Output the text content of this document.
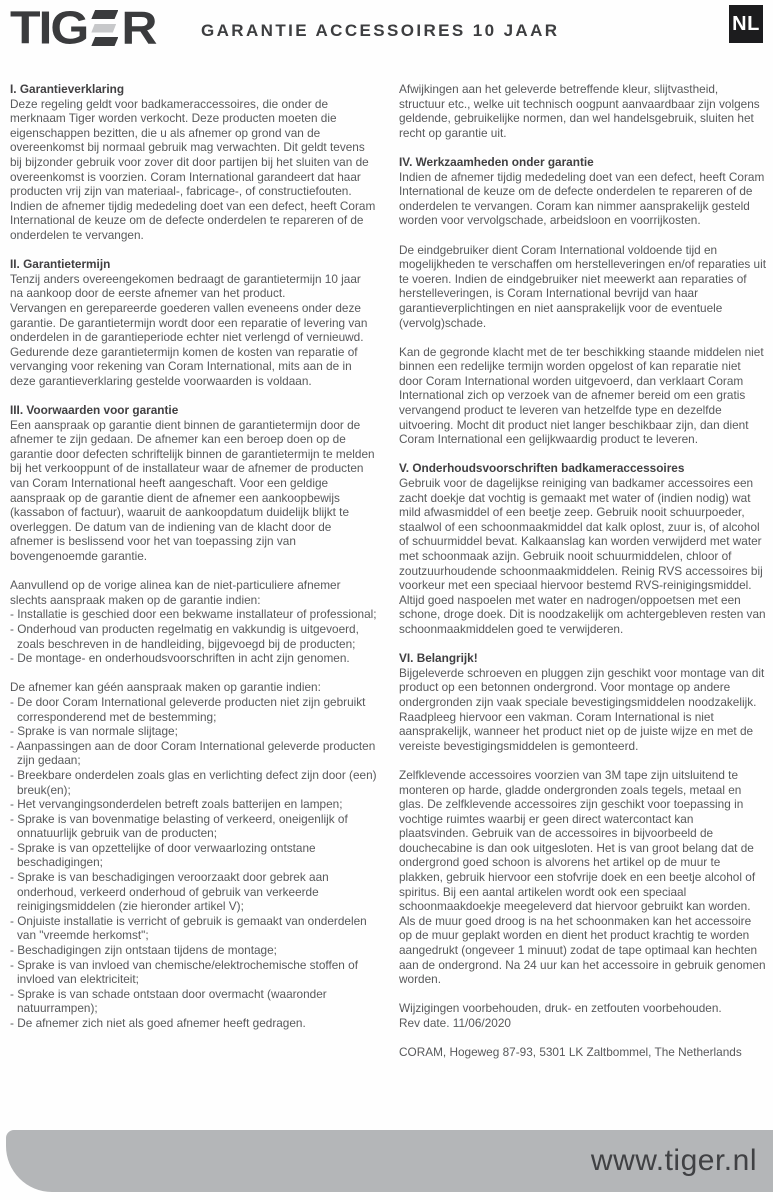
TIG R	GARANTIE ACCESSOIRES 10 JAAR	NL
I. Garantieverklaring

Deze regeling geldt voor badkameraccessoires, die onder de merknaam Tiger worden verkocht. Deze producten moeten die eigenschappen bezitten, die u als afnemer op grond van de overeenkomst bij normaal gebruik mag verwachten. Dit geldt tevens bij bijzonder gebruik voor zover dit door partijen bij het sluiten van de overeenkomst is voorzien. Coram International garandeert dat haar producten vrij zijn van materiaal-, fabricage-, of constructiefouten. Indien de afnemer tijdig mededeling doet van een defect, heeft Coram International de keuze om de defecte onderdelen te repareren of de onderdelen te vervangen.

II. Garantietermijn

Tenzij anders overeengekomen bedraagt de garantietermijn 10 jaar na aankoop door de eerste afnemer van het product.

Vervangen en gerepareerde goederen vallen eveneens onder deze garantie. De garantietermijn wordt door een reparatie of levering van onderdelen in de garantieperiode echter niet verlengd of vernieuwd.

Gedurende deze garantietermijn komen de kosten van reparatie of vervanging voor rekening van Coram International, mits aan de in deze garantieverklaring gestelde voorwaarden is voldaan.

III. Voorwaarden voor garantie

Een aanspraak op garantie dient binnen de garantietermijn door de afnemer te zijn gedaan. De afnemer kan een beroep doen op de garantie door defecten schriftelijk binnen de garantietermijn te melden bij het verkooppunt of de installateur waar de afnemer de producten van Coram International heeft aangeschaft. Voor een geldige aanspraak op de garantie dient de afnemer een aankoopbewijs (kassabon of factuur), waaruit de aankoopdatum duidelijk blijkt te overleggen. De datum van de indiening van de klacht door de afnemer is beslissend voor het van toepassing zijn van bovengenoemde garantie.

Aanvullend op de vorige alinea kan de niet-particuliere afnemer slechts aanspraak maken op de garantie indien:

- Installatie is geschied door een bekwame installateur of professional;
- Onderhoud van producten regelmatig en vakkundig is uitgevoerd, zoals beschreven in de handleiding, bijgevoegd bij de producten;
- De montage- en onderhoudsvoorschriften in acht zijn genomen.

De afnemer kan géén aanspraak maken op garantie indien:

- De door Coram International geleverde producten niet zijn gebruikt corresponderend met de bestemming;
- Sprake is van normale slijtage;
- Aanpassingen aan de door Coram International geleverde producten zijn gedaan;
- Breekbare onderdelen zoals glas en verlichting defect zijn door (een) breuk(en);
- Het vervangingsonderdelen betreft zoals batterijen en lampen;
- Sprake is van bovenmatige belasting of verkeerd, oneigenlijk of onnatuurlijk gebruik van de producten;
- Sprake is van opzettelijke of door verwaarlozing ontstane beschadigingen;
- Sprake is van beschadigingen veroorzaakt door gebrek aan onderhoud, verkeerd onderhoud of gebruik van verkeerde reinigingsmiddelen (zie hieronder artikel V);
- Onjuiste installatie is verricht of gebruik is gemaakt van onderdelen van "vreemde herkomst";
- Beschadigingen zijn ontstaan tijdens de montage;
- Sprake is van invloed van chemische/elektrochemische stoffen of invloed van elektriciteit;
- Sprake is van schade ontstaan door overmacht (waaronder natuurrampen);
- De afnemer zich niet als goed afnemer heeft gedragen.

Afwijkingen aan het geleverde betreffende kleur, slijtvastheid, structuur etc., welke uit technisch oogpunt aanvaardbaar zijn volgens geldende, gebruikelijke normen, dan wel handelsgebruik, sluiten het recht op garantie uit.

IV. Werkzaamheden onder garantie

Indien de afnemer tijdig mededeling doet van een defect, heeft Coram International de keuze om de defecte onderdelen te repareren of de onderdelen te vervangen. Coram kan nimmer aansprakelijk gesteld worden voor vervolgschade, arbeidsloon en voorrijkosten.

De eindgebruiker dient Coram International voldoende tijd en mogelijkheden te verschaffen om herstelleveringen en/of reparaties uit te voeren. Indien de eindgebruiker niet meewerkt aan reparaties of herstelleveringen, is Coram International bevrijd van haar garantieverplichtingen en niet aansprakelijk voor de eventuele (vervolg)schade.

Kan de gegronde klacht met de ter beschikking staande middelen niet binnen een redelijke termijn worden opgelost of kan reparatie niet door Coram International worden uitgevoerd, dan verklaart Coram International zich op verzoek van de afnemer bereid om een gratis vervangend product te leveren van hetzelfde type en dezelfde uitvoering. Mocht dit product niet langer beschikbaar zijn, dan dient Coram International een gelijkwaardig product te leveren.

V. Onderhoudsvoorschriften badkameraccessoires

Gebruik voor de dagelijkse reiniging van badkamer accessoires een zacht doekje dat vochtig is gemaakt met water of (indien nodig) wat mild afwasmiddel of een beetje zeep. Gebruik nooit schuurpoeder, staalwol of een schoonmaakmiddel dat kalk oplost, zuur is, of alcohol of schuurmiddel bevat. Kalkaanslag kan worden verwijderd met water met schoonmaak azijn. Gebruik nooit schuurmiddelen, chloor of zoutzuurhoudende schoonmaakmiddelen. Reinig RVS accessoires bij voorkeur met een speciaal hiervoor bestemd RVS-reinigingsmiddel. Altijd goed naspoelen met water en nadrogen/oppoetsen met een schone, droge doek. Dit is noodzakelijk om achtergebleven resten van schoonmaakmiddelen goed te verwijderen.

VI. Belangrijk!

Bijgeleverde schroeven en pluggen zijn geschikt voor montage van dit product op een betonnen ondergrond. Voor montage op andere ondergronden zijn vaak speciale bevestigingsmiddelen noodzakelijk. Raadpleeg hiervoor een vakman. Coram International is niet aansprakelijk, wanneer het product niet op de juiste wijze en met de vereiste bevestigingsmiddelen is gemonteerd.

Zelfklevende accessoires voorzien van 3M tape zijn uitsluitend te monteren op harde, gladde ondergronden zoals tegels, metaal en glas. De zelfklevende accessoires zijn geschikt voor toepassing in vochtige ruimtes waarbij er geen direct watercontact kan plaatsvinden. Gebruik van de accessoires in bijvoorbeeld de douchecabine is dan ook uitgesloten. Het is van groot belang dat de ondergrond goed schoon is alvorens het artikel op de muur te plakken, gebruik hiervoor een stofvrije doek en een beetje alcohol of spiritus. Bij een aantal artikelen wordt ook een speciaal schoonmaakdoekje meegeleverd dat hiervoor gebruikt kan worden. Als de muur goed droog is na het schoonmaken kan het accessoire op de muur geplakt worden en dient het product krachtig te worden aangedrukt (ongeveer 1 minuut) zodat de tape optimaal kan hechten aan de ondergrond. Na 24 uur kan het accessoire in gebruik genomen worden.

Wijzigingen voorbehouden, druk- en zetfouten voorbehouden.

Rev date. 11/06/2020

CORAM, Hogeweg 87-93, 5301 LK Zaltbommel, The Netherlands

www.tiger.nl
